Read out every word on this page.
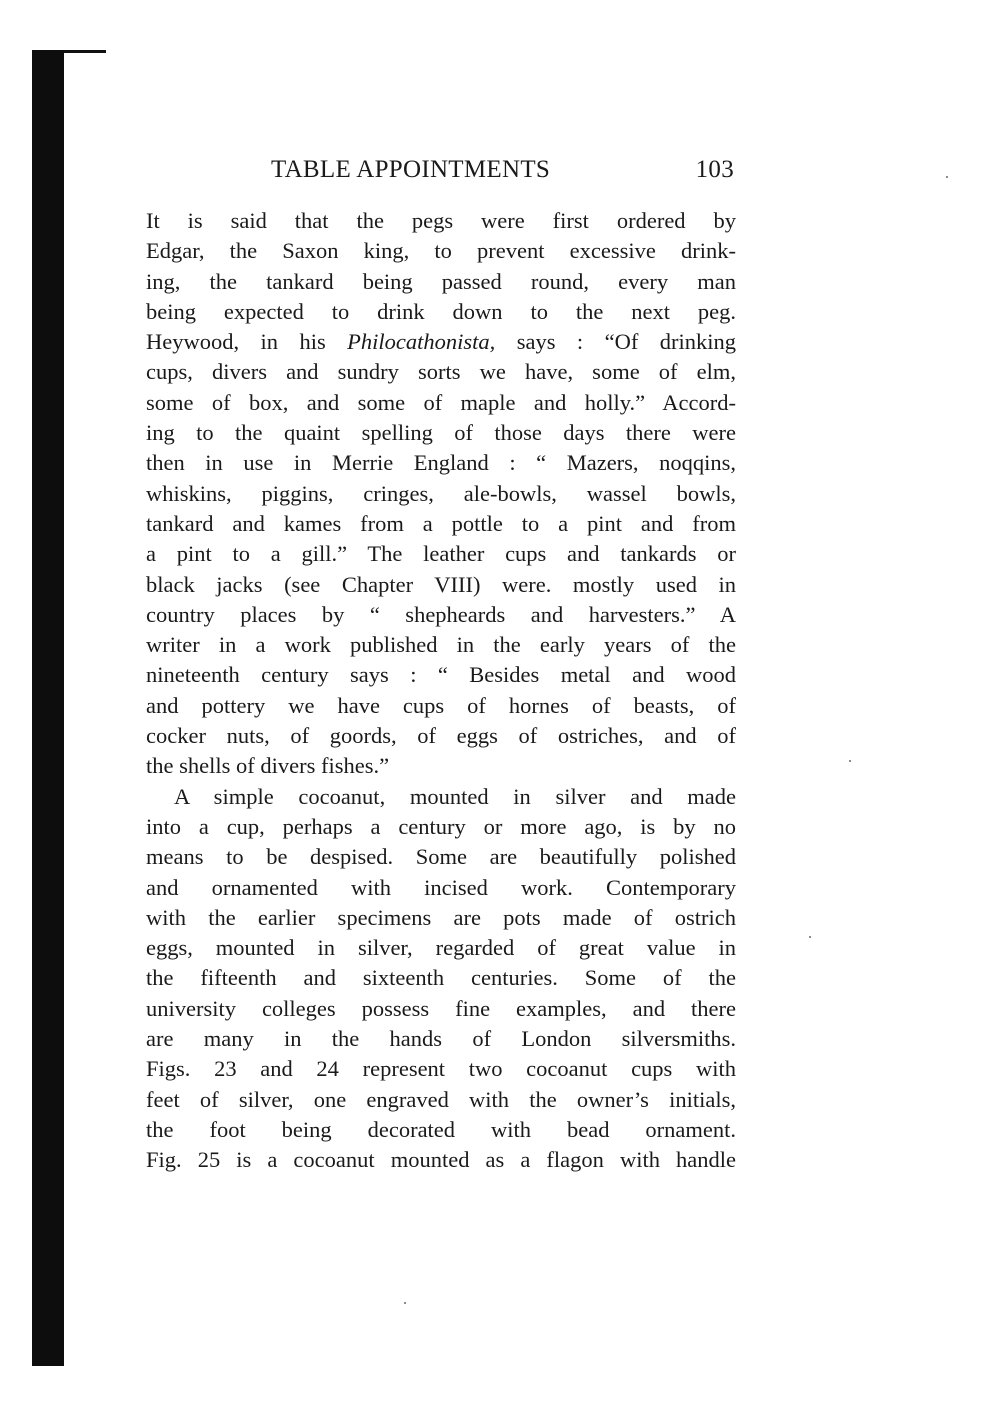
TABLE APPOINTMENTS	103
It is said that the pegs were first ordered by
Edgar, the Saxon king, to prevent excessive drink-
ing, the tankard being passed round, every man
being expected to drink down to the next peg.
Heywood, in his Philocathonista, says : “Of drinking
cups, divers and sundry sorts we have, some of elm,
some of box, and some of maple and holly.” Accord-
ing to the quaint spelling of those days there were
then in use in Merrie England : “ Mazers, noqqins,
whiskins, piggins, cringes, ale-bowls, wassel bowls,
tankard and kames from a pottle to a pint and from
a pint to a gill.” The leather cups and tankards or
black jacks (see Chapter VIII) were. mostly used in
country places by “ shepheards and harvesters.” A
writer in a work published in the early years of the
nineteenth century says : “ Besides metal and wood
and pottery we have cups of hornes of beasts, of
cocker nuts, of goords, of eggs of ostriches, and of
the shells of divers fishes.”
A simple cocoanut, mounted in silver and made
into a cup, perhaps a century or more ago, is by no
means to be despised. Some are beautifully polished
and ornamented with incised work. Contemporary
with the earlier specimens are pots made of ostrich
eggs, mounted in silver, regarded of great value in
the fifteenth and sixteenth centuries. Some of the
university colleges possess fine examples, and there
are many in the hands of London silversmiths.
Figs. 23 and 24 represent two cocoanut cups with
feet of silver, one engraved with the owner’s initials,
the foot being decorated with bead ornament.
Fig. 25 is a cocoanut mounted as a flagon with handle
